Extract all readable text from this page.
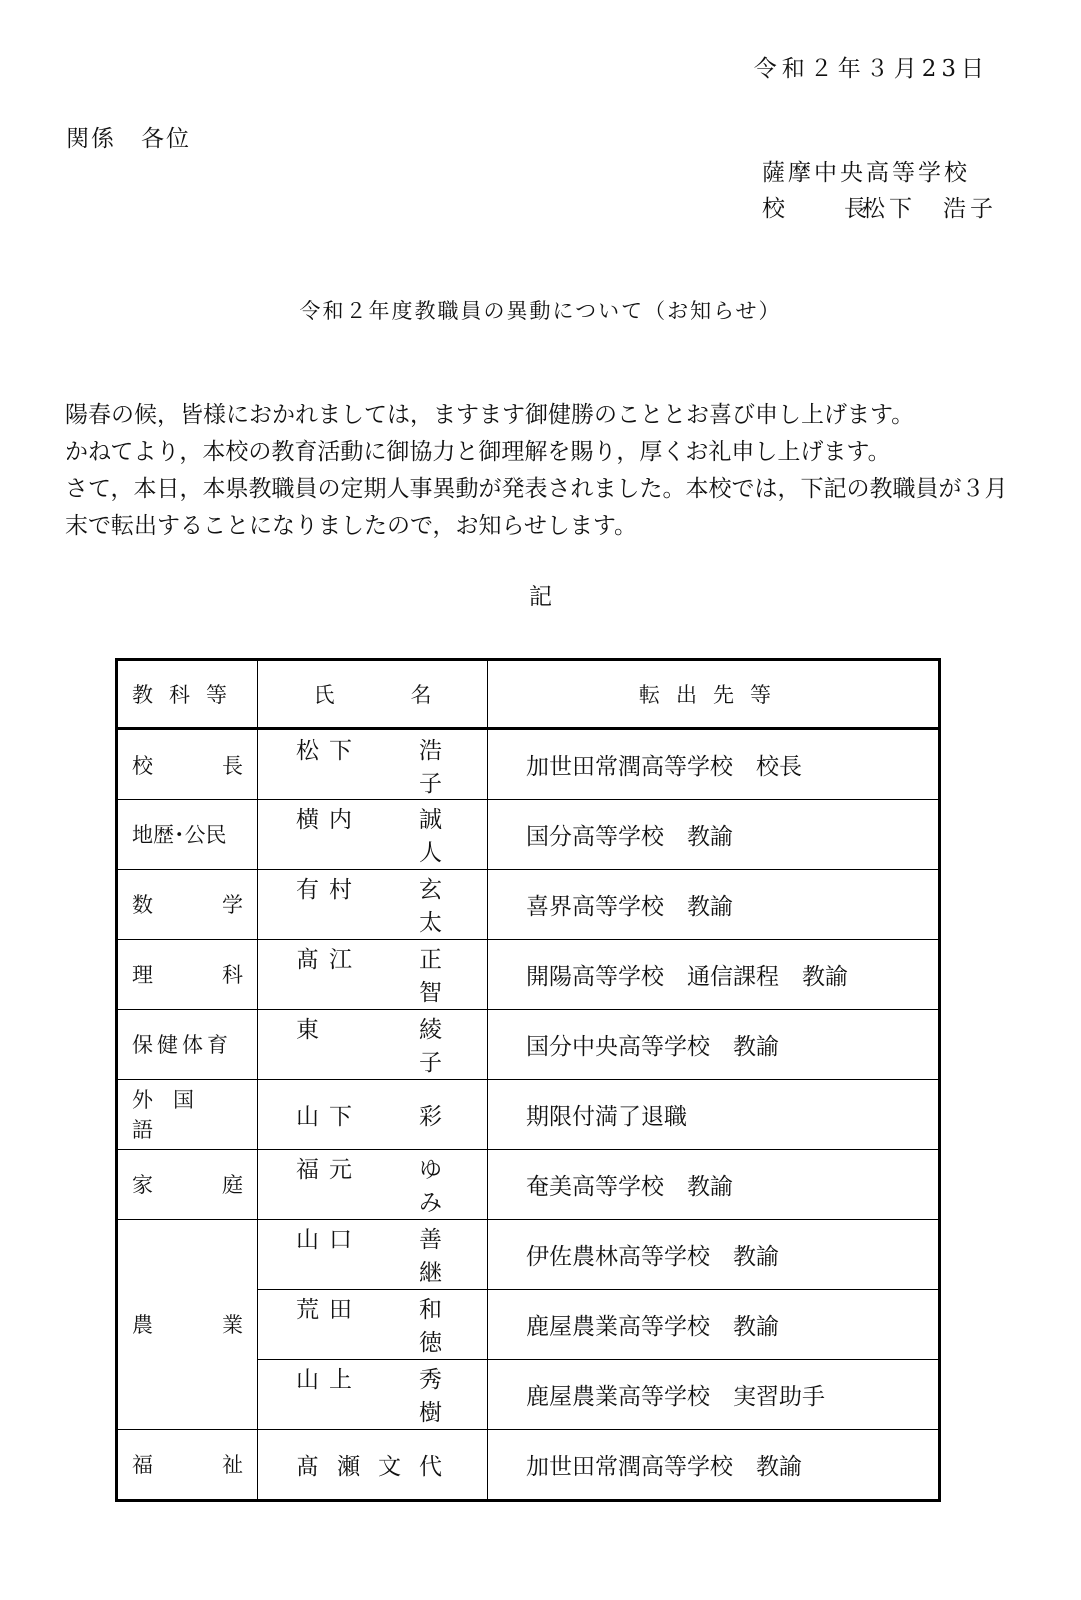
令和２年３月23日
関係　各位
薩摩中央高等学校
校　長松下　浩子
令和２年度教職員の異動について（お知らせ）

陽春の候，皆様におかれましては，ますます御健勝のこととお喜び申し上げます。

かねてより，本校の教育活動に御協力と御理解を賜り，厚くお礼申し上げます。

さて，本日，本県教職員の定期人事異動が発表されました。本校では，下記の教職員が３月末で転出することになりましたので，お知らせします。

記
教科等	氏 名	転出先等

校 長	松下 浩子	加世田常潤高等学校　校長

地歴･公民	横内 誠人	国分高等学校　教諭

数 学	有村 玄太	喜界高等学校　教諭

理 科	髙江 正智	開陽高等学校　通信課程　教諭

保健体育	東 綾子	国分中央高等学校　教諭

外国語	山下 彩	期限付満了退職

家 庭	福元 ゆみ	奄美高等学校　教諭

農 業	山口 善継	伊佐農林高等学校　教諭

	荒田 和徳	鹿屋農業高等学校　教諭

	山上 秀樹	鹿屋農業高等学校　実習助手

福 祉	髙瀬文代	加世田常潤高等学校　教諭
